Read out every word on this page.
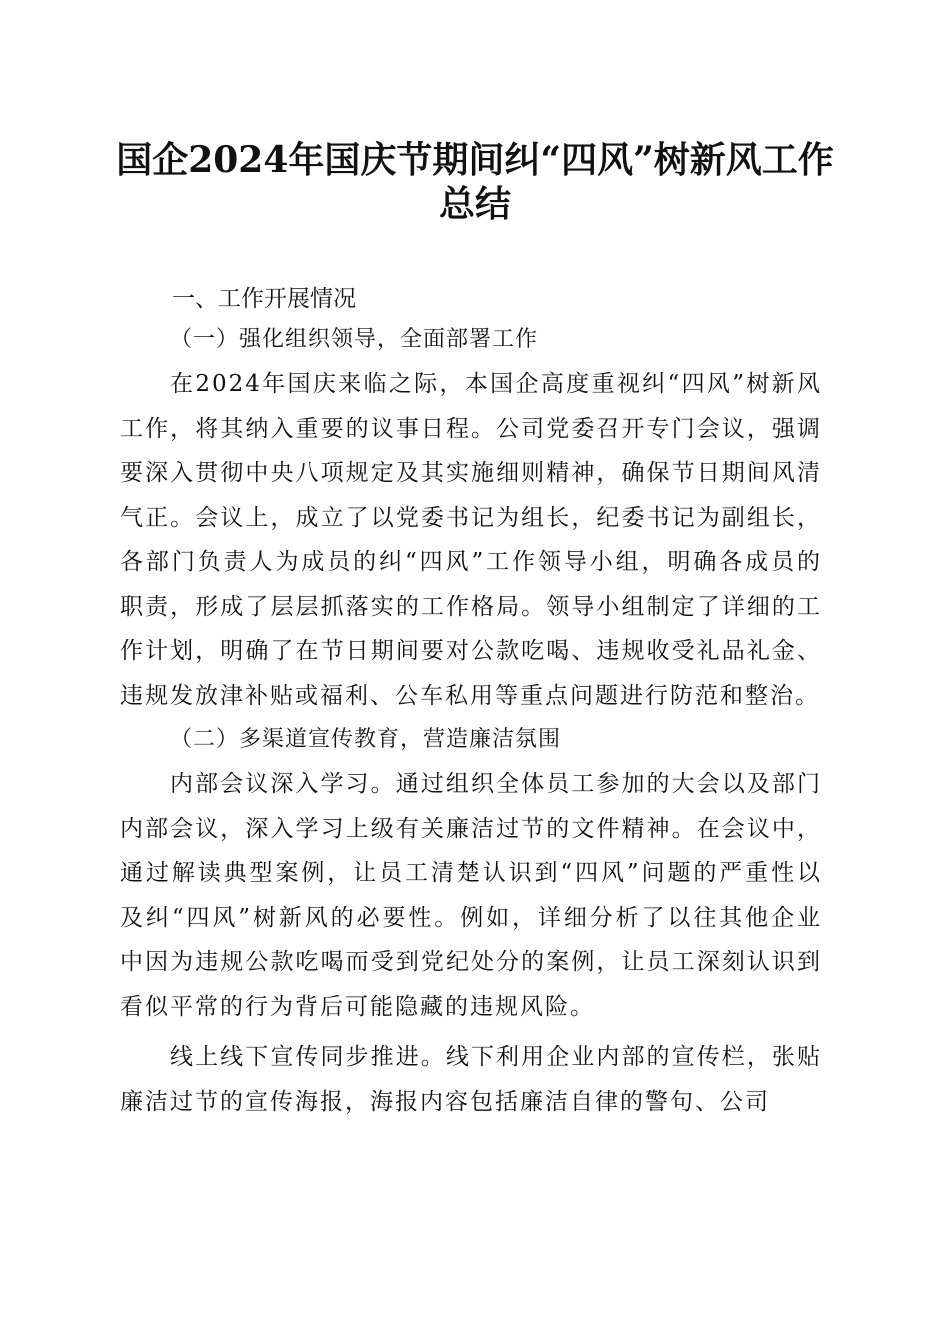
国企2024年国庆节期间纠“四风”树新风工作总结

一、工作开展情况

（一）强化组织领导，全面部署工作

在2024年国庆来临之际，本国企高度重视纠“四风”树新风工作，将其纳入重要的议事日程。公司党委召开专门会议，强调要深入贯彻中央八项规定及其实施细则精神，确保节日期间风清气正。会议上，成立了以党委书记为组长，纪委书记为副组长，各部门负责人为成员的纠“四风”工作领导小组，明确各成员的职责，形成了层层抓落实的工作格局。领导小组制定了详细的工作计划，明确了在节日期间要对公款吃喝、违规收受礼品礼金、违规发放津补贴或福利、公车私用等重点问题进行防范和整治。

（二）多渠道宣传教育，营造廉洁氛围

内部会议深入学习。通过组织全体员工参加的大会以及部门内部会议，深入学习上级有关廉洁过节的文件精神。在会议中，通过解读典型案例，让员工清楚认识到“四风”问题的严重性以及纠“四风”树新风的必要性。例如，详细分析了以往其他企业中因为违规公款吃喝而受到党纪处分的案例，让员工深刻认识到看似平常的行为背后可能隐藏的违规风险。

线上线下宣传同步推进。线下利用企业内部的宣传栏，张贴廉洁过节的宣传海报，海报内容包括廉洁自律的警句、公司
